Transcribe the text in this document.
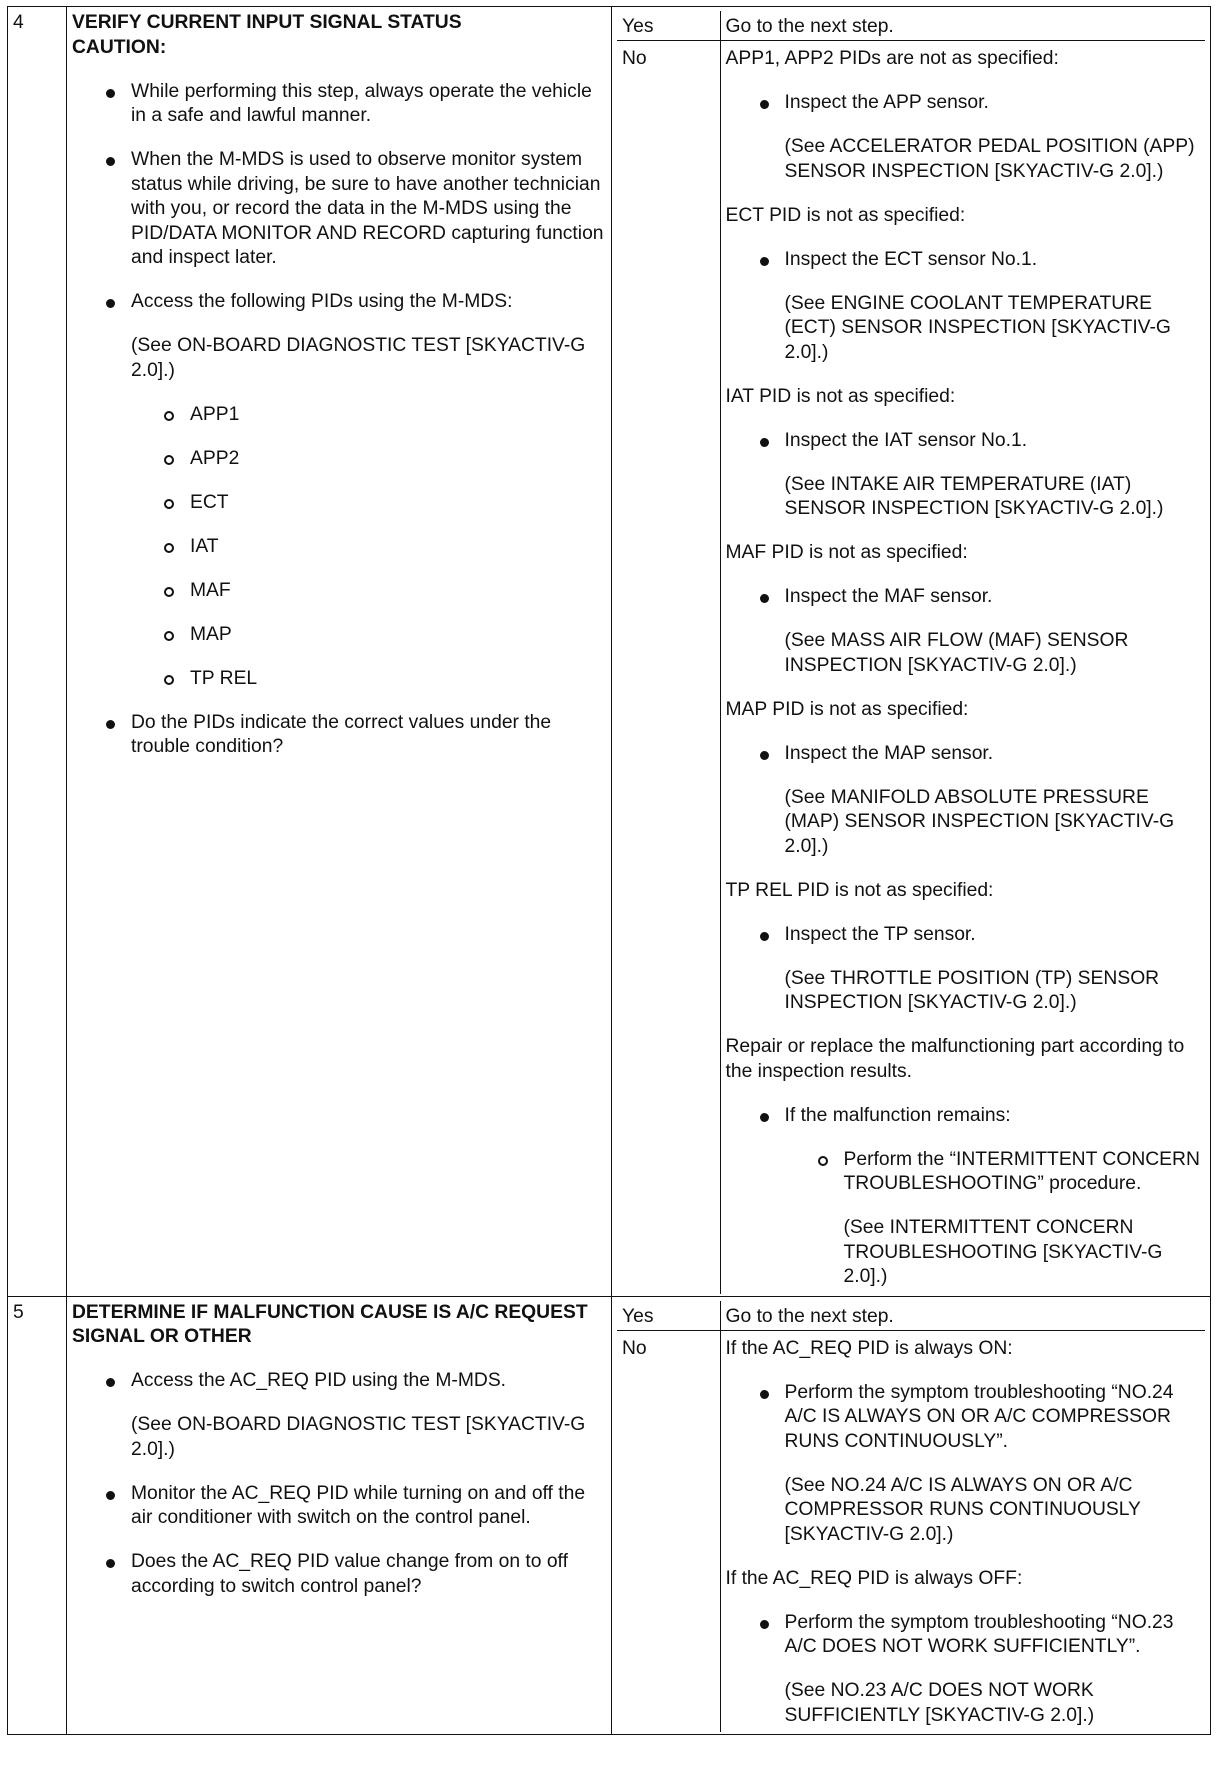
4	VERIFY CURRENT INPUT SIGNAL STATUS
CAUTION:
While performing this step, always operate the vehicle in a safe and lawful manner.
When the M-MDS is used to observe monitor system status while driving, be sure to have another technician with you, or record the data in the M-MDS using the PID/DATA MONITOR AND RECORD capturing function and inspect later.
Access the following PIDs using the M-MDS:
(See ON-BOARD DIAGNOSTIC TEST [SKYACTIV-G 2.0].)
APP1
APP2
ECT
IAT
MAF
MAP
TP REL
Do the PIDs indicate the correct values under the trouble condition?

Yes	Go to the next step.
No	APP1, APP2 PIDs are not as specified:
Inspect the APP sensor.
(See ACCELERATOR PEDAL POSITION (APP) SENSOR INSPECTION [SKYACTIV-G 2.0].)
ECT PID is not as specified:
Inspect the ECT sensor No.1.
(See ENGINE COOLANT TEMPERATURE (ECT) SENSOR INSPECTION [SKYACTIV-G 2.0].)
IAT PID is not as specified:
Inspect the IAT sensor No.1.
(See INTAKE AIR TEMPERATURE (IAT) SENSOR INSPECTION [SKYACTIV-G 2.0].)
MAF PID is not as specified:
Inspect the MAF sensor.
(See MASS AIR FLOW (MAF) SENSOR INSPECTION [SKYACTIV-G 2.0].)
MAP PID is not as specified:
Inspect the MAP sensor.
(See MANIFOLD ABSOLUTE PRESSURE (MAP) SENSOR INSPECTION [SKYACTIV-G 2.0].)
TP REL PID is not as specified:
Inspect the TP sensor.
(See THROTTLE POSITION (TP) SENSOR INSPECTION [SKYACTIV-G 2.0].)
Repair or replace the malfunctioning part according to the inspection results.
If the malfunction remains:
Perform the “INTERMITTENT CONCERN TROUBLESHOOTING” procedure.
(See INTERMITTENT CONCERN TROUBLESHOOTING [SKYACTIV-G 2.0].)

5	DETERMINE IF MALFUNCTION CAUSE IS A/C REQUEST SIGNAL OR OTHER
Access the AC_REQ PID using the M-MDS.
(See ON-BOARD DIAGNOSTIC TEST [SKYACTIV-G 2.0].)
Monitor the AC_REQ PID while turning on and off the air conditioner with switch on the control panel.
Does the AC_REQ PID value change from on to off according to switch control panel?

Yes	Go to the next step.
No	If the AC_REQ PID is always ON:
Perform the symptom troubleshooting “NO.24 A/C IS ALWAYS ON OR A/C COMPRESSOR RUNS CONTINUOUSLY”.
(See NO.24 A/C IS ALWAYS ON OR A/C COMPRESSOR RUNS CONTINUOUSLY [SKYACTIV-G 2.0].)
If the AC_REQ PID is always OFF:
Perform the symptom troubleshooting “NO.23 A/C DOES NOT WORK SUFFICIENTLY”.
(See NO.23 A/C DOES NOT WORK SUFFICIENTLY [SKYACTIV-G 2.0].)
